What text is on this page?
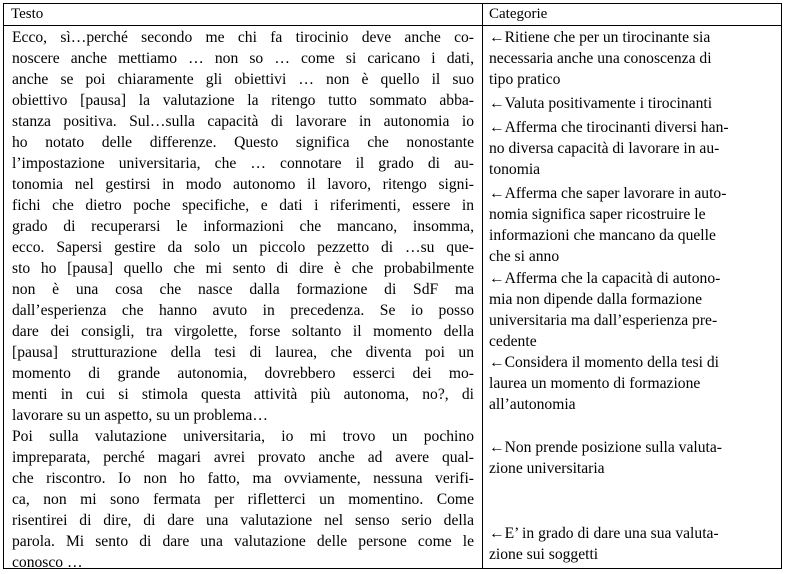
Testo	Categorie
Ecco, sì…perché secondo me chi fa tirocinio deve anche co-
noscere anche mettiamo … non so … come si caricano i dati,
anche se poi chiaramente gli obiettivi … non è quello il suo
obiettivo [pausa] la valutazione la ritengo tutto sommato abba-
stanza positiva. Sul…sulla capacità di lavorare in autonomia io
ho notato delle differenze. Questo significa che nonostante
l’impostazione universitaria, che … connotare il grado di au-
tonomia nel gestirsi in modo autonomo il lavoro, ritengo signi-
fichi che dietro poche specifiche, e dati i riferimenti, essere in
grado di recuperarsi le informazioni che mancano, insomma,
ecco. Sapersi gestire da solo un piccolo pezzetto di …su que-
sto ho [pausa] quello che mi sento di dire è che probabilmente
non è una cosa che nasce dalla formazione di SdF ma
dall’esperienza che hanno avuto in precedenza. Se io posso
dare dei consigli, tra virgolette, forse soltanto il momento della
[pausa] strutturazione della tesi di laurea, che diventa poi un
momento di grande autonomia, dovrebbero esserci dei mo-
menti in cui si stimola questa attività più autonoma, no?, di
lavorare su un aspetto, su un problema…
Poi sulla valutazione universitaria, io mi trovo un pochino
impreparata, perché magari avrei provato anche ad avere qual-
che riscontro. Io non ho fatto, ma ovviamente, nessuna verifi-
ca, non mi sono fermata per rifletterci un momentino. Come
risentirei di dire, di dare una valutazione nel senso serio della
parola. Mi sento di dare una valutazione delle persone come le
conosco …
←Ritiene che per un tirocinante sia
necessaria anche una conoscenza di
tipo pratico
←Valuta positivamente i tirocinanti
←Afferma che tirocinanti diversi han-
no diversa capacità di lavorare in au-
tonomia
←Afferma che saper lavorare in auto-
nomia significa saper ricostruire le
informazioni che mancano da quelle
che si anno
←Afferma che la capacità di autono-
mia non dipende dalla formazione
universitaria ma dall’esperienza pre-
cedente
←Considera il momento della tesi di
laurea un momento di formazione
all’autonomia
←Non prende posizione sulla valuta-
zione universitaria
←E’ in grado di dare una sua valuta-
zione sui soggetti
